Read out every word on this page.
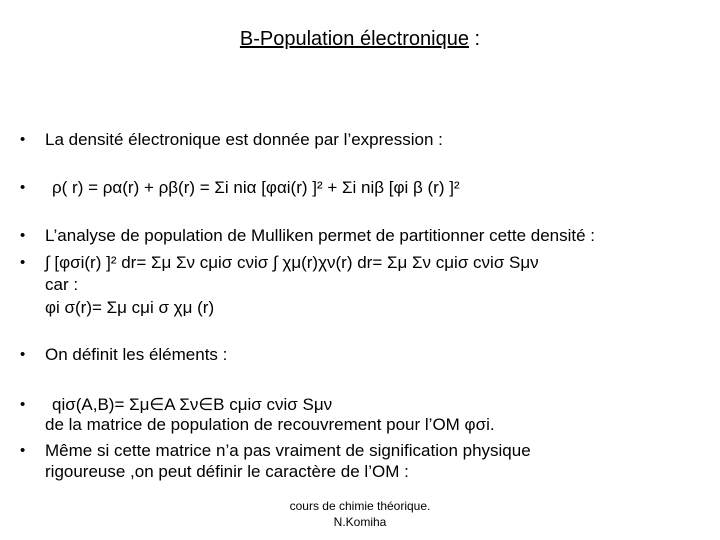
B-Population électronique :
• La densité électronique est donnée par l’expression :
• ρ( r) = ρα(r) + ρβ(r) = Σi niα [φαi(r) ]² + Σi niβ [φi β (r) ]²
• L’analyse de population de Mulliken permet de partitionner cette densité :
• ∫ [φσi(r) ]² dr= Σμ Σν cμiσ cνiσ ∫ χμ(r)χν(r) dr= Σμ Σν cμiσ cνiσ Sμν
car :
φi σ(r)= Σμ cμi σ χμ (r)
• On définit les éléments :
• qiσ(A,B)= Σμ∈A Σν∈B cμiσ cνiσ Sμν
de la matrice de population de recouvrement pour l’OM φσi.
• Même si cette matrice n’a pas vraiment de signification physique
rigoureuse ,on peut définir le caractère de l’OM :
cours de chimie théorique.
N.Komiha
